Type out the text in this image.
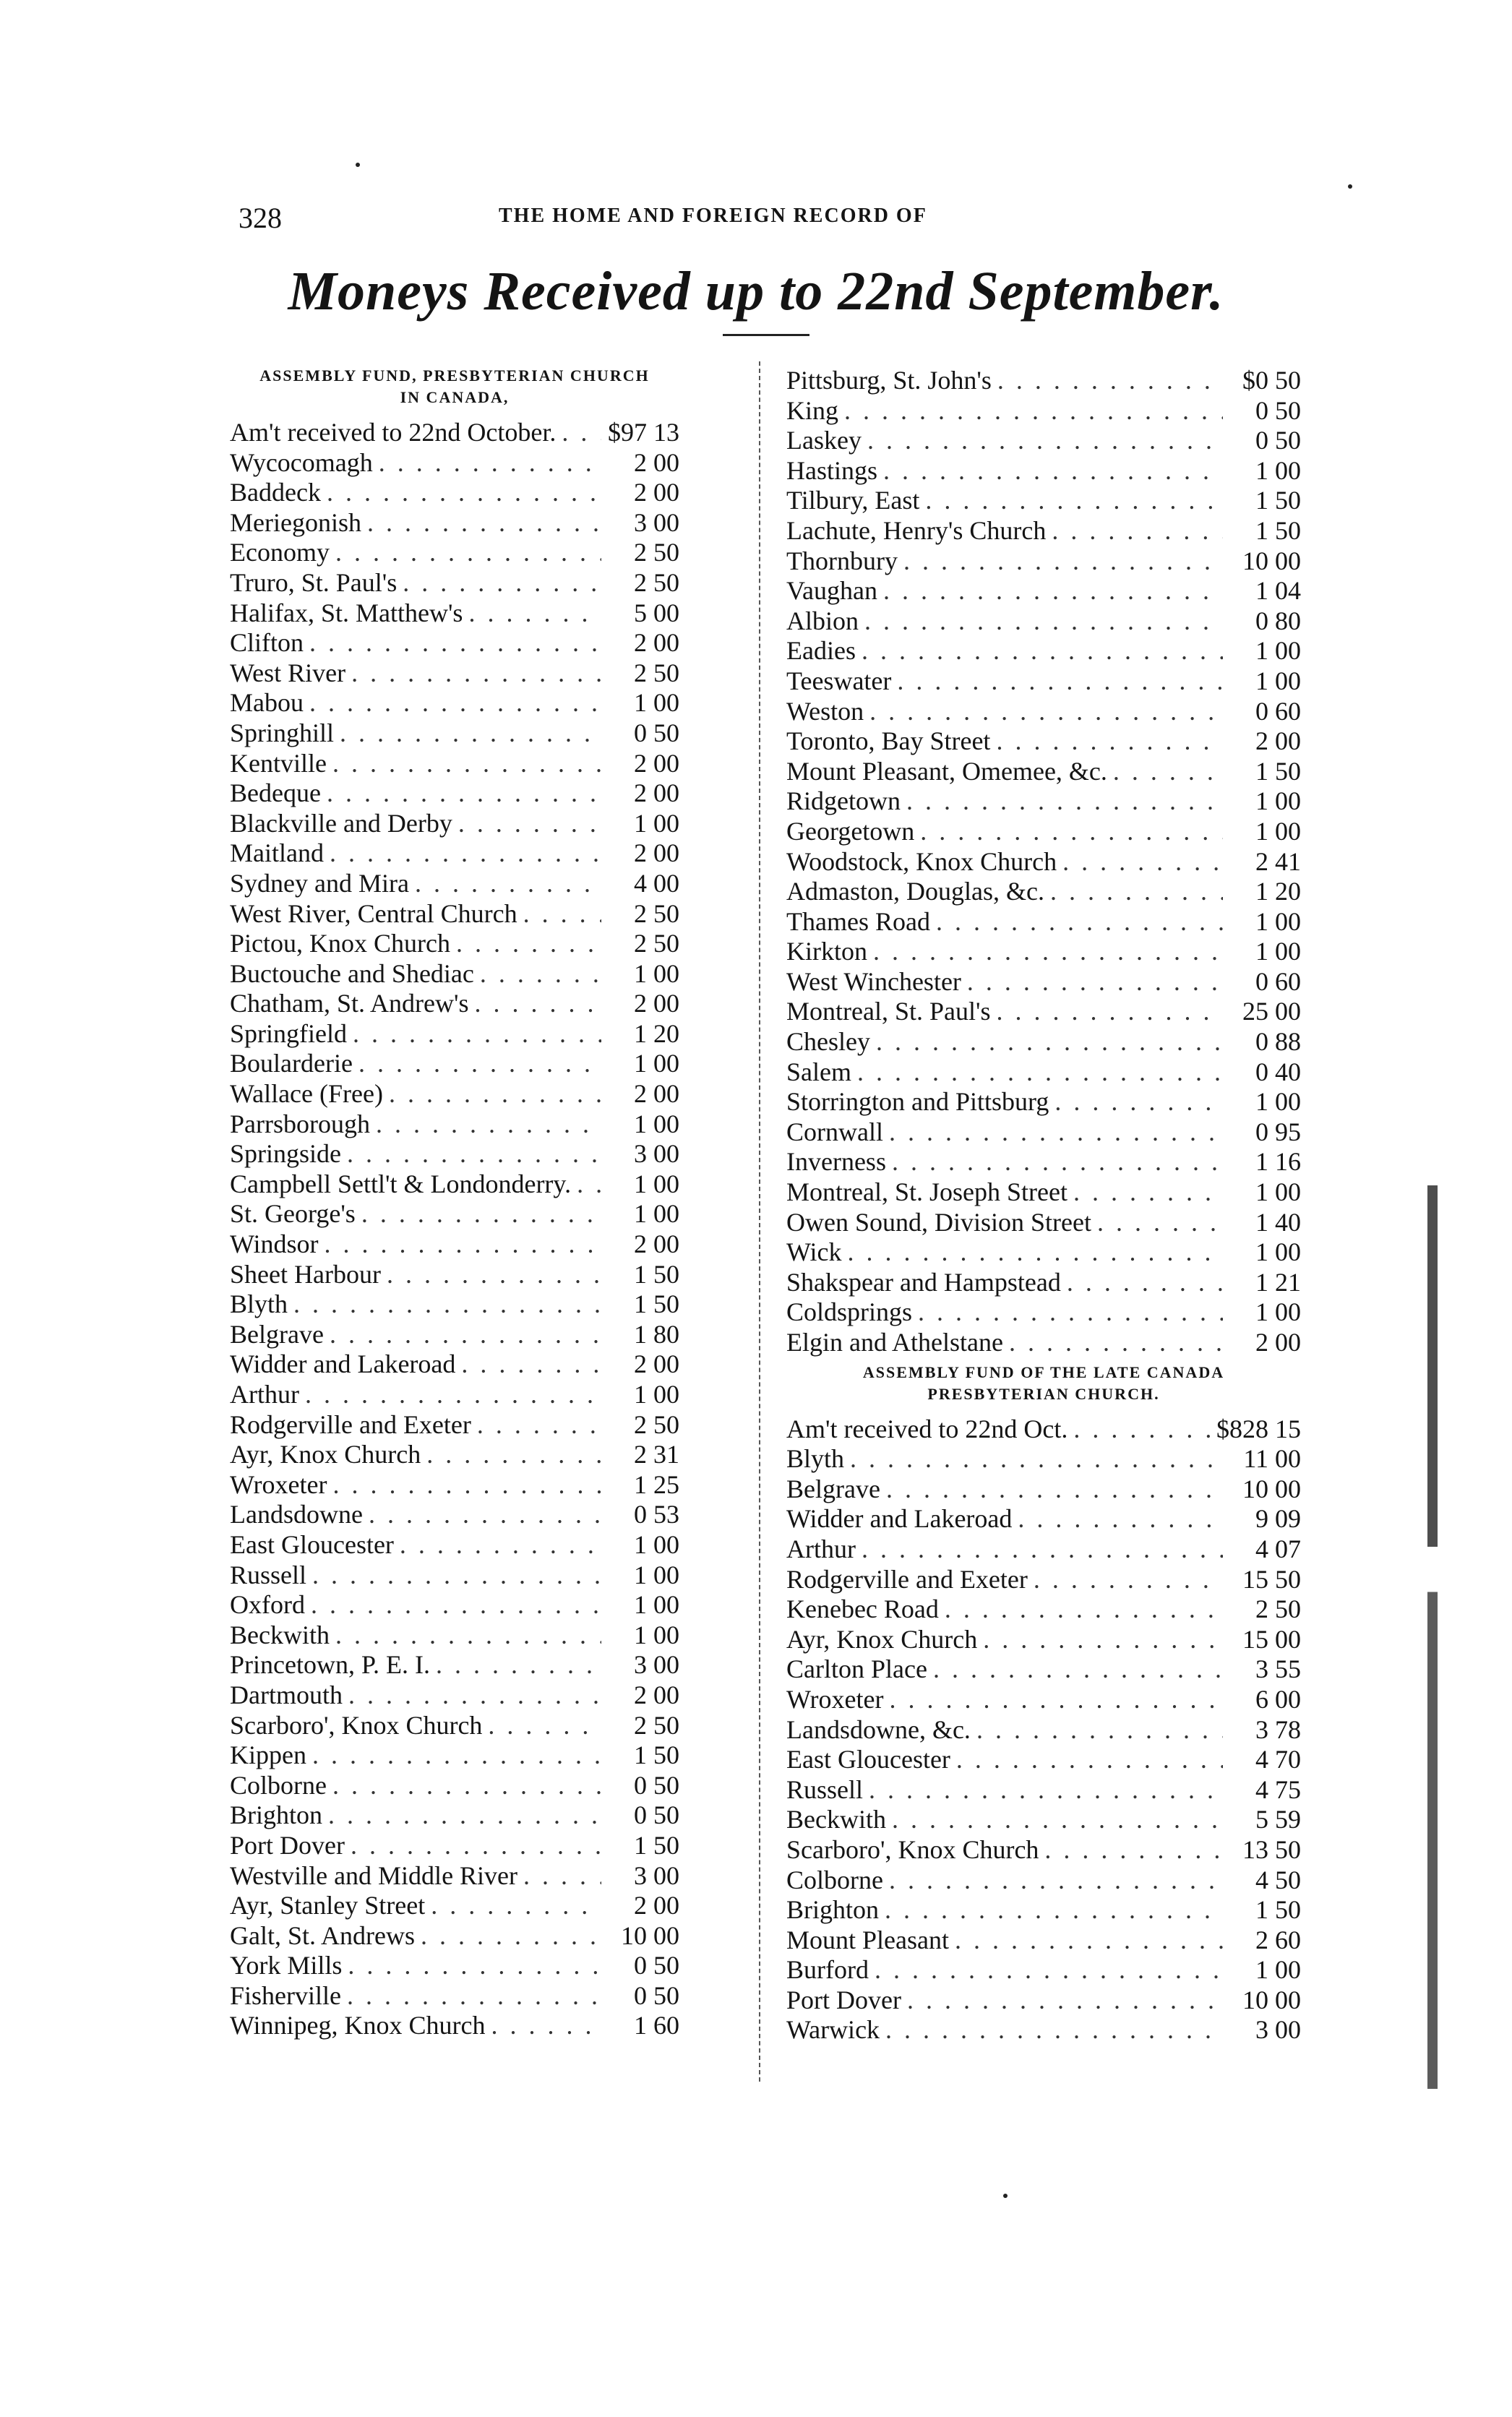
328	THE HOME AND FOREIGN RECORD OF
Moneys Received up to 22nd September.
ASSEMBLY FUND, PRESBYTERIAN CHURCH
IN CANADA,
Am't received to 22nd October. . . . $97 13
Wycocomagh . . .	2 00
Baddeck . . .	2 00
Meriegonish . . .	3 00
Economy . . .	2 50
Truro, St. Paul's . . .	2 50
Halifax, St. Matthew's . . .	5 00
Clifton . . .	2 00
West River . . .	2 50
Mabou . . .	1 00
Springhill . . .	0 50
Kentville . . .	2 00
Bedeque . . .	2 00
Blackville and Derby . . .	1 00
Maitland . . .	2 00
Sydney and Mira . . .	4 00
West River, Central Church . . .	2 50
Pictou, Knox Church . . .	2 50
Buctouche and Shediac . . .	1 00
Chatham, St. Andrew's . . .	2 00
Springfield . . .	1 20
Boularderie . . .	1 00
Wallace (Free) . . .	2 00
Parrsborough . . .	1 00
Springside . . .	3 00
Campbell Settl't & Londonderry. . . .	1 00
St. George's . . .	1 00
Windsor . . .	2 00
Sheet Harbour . . .	1 50
Blyth . . .	1 50
Belgrave . . .	1 80
Widder and Lakeroad . . .	2 00
Arthur . . .	1 00
Rodgerville and Exeter . . .	2 50
Ayr, Knox Church . . .	2 31
Wroxeter . . .	1 25
Landsdowne . . .	0 53
East Gloucester . . .	1 00
Russell . . .	1 00
Oxford . . .	1 00
Beckwith . . .	1 00
Princetown, P. E. I. . . .	3 00
Dartmouth . . .	2 00
Scarboro', Knox Church . . .	2 50
Kippen . . .	1 50
Colborne . . .	0 50
Brighton . . .	0 50
Port Dover . . .	1 50
Westville and Middle River . . .	3 00
Ayr, Stanley Street . . .	2 00
Galt, St. Andrews . . .	10 00
York Mills . . .	0 50
Fisherville . . .	0 50
Winnipeg, Knox Church . . .	1 60
Pittsburg, St. John's . . .	$0 50
King . . .	0 50
Laskey . . .	0 50
Hastings . . .	1 00
Tilbury, East . . .	1 50
Lachute, Henry's Church . . .	1 50
Thornbury . . .	10 00
Vaughan . . .	1 04
Albion . . .	0 80
Eadies . . .	1 00
Teeswater . . .	1 00
Weston . . .	0 60
Toronto, Bay Street . . .	2 00
Mount Pleasant, Omemee, &c. . . .	1 50
Ridgetown . . .	1 00
Georgetown . . .	1 00
Woodstock, Knox Church . . .	2 41
Admaston, Douglas, &c. . . .	1 20
Thames Road . . .	1 00
Kirkton . . .	1 00
West Winchester . . .	0 60
Montreal, St. Paul's . . .	25 00
Chesley . . .	0 88
Salem . . .	0 40
Storrington and Pittsburg . . .	1 00
Cornwall . . .	0 95
Inverness . . .	1 16
Montreal, St. Joseph Street . . .	1 00
Owen Sound, Division Street . . .	1 40
Wick . . .	1 00
Shakspear and Hampstead . . .	1 21
Coldsprings . . .	1 00
Elgin and Athelstane . . .	2 00
ASSEMBLY FUND OF THE LATE CANADA
PRESBYTERIAN CHURCH.
Am't received to 22nd Oct. . . .	$828 15
Blyth . . .	11 00
Belgrave . . .	10 00
Widder and Lakeroad . . .	9 09
Arthur . . .	4 07
Rodgerville and Exeter . . .	15 50
Kenebec Road . . .	2 50
Ayr, Knox Church . . .	15 00
Carlton Place . . .	3 55
Wroxeter . . .	6 00
Landsdowne, &c. . . .	3 78
East Gloucester . . .	4 70
Russell . . .	4 75
Beckwith . . .	5 59
Scarboro', Knox Church . . .	13 50
Colborne . . .	4 50
Brighton . . .	1 50
Mount Pleasant . . .	2 60
Burford . . .	1 00
Port Dover . . .	10 00
Warwick . . .	3 00
